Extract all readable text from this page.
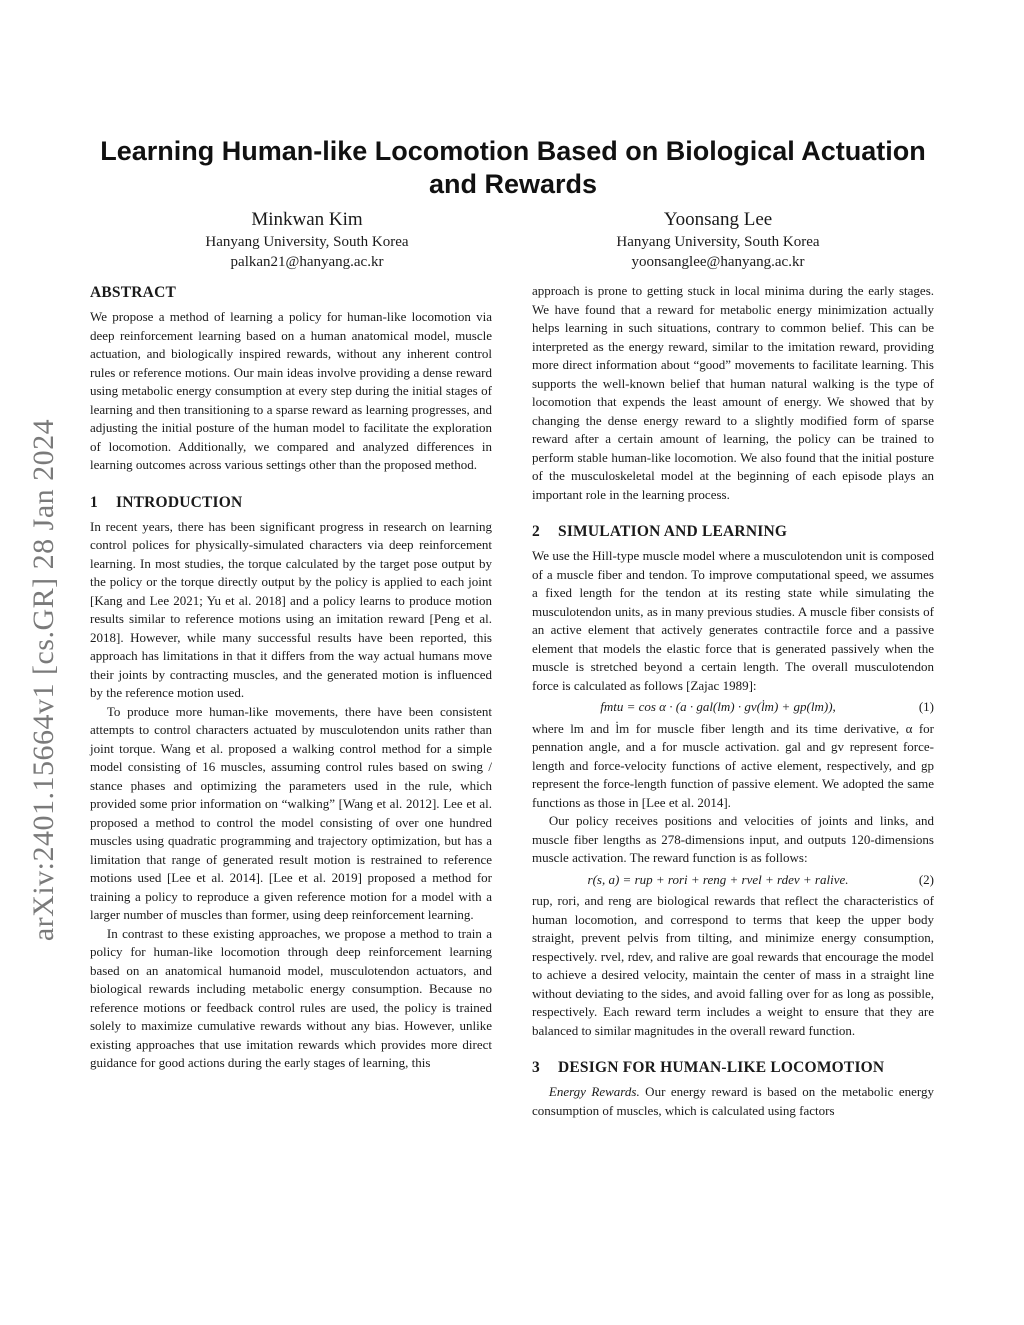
arXiv:2401.15664v1 [cs.GR] 28 Jan 2024
Learning Human-like Locomotion Based on Biological Actuation and Rewards
Minkwan Kim
Hanyang University, South Korea
palkan21@hanyang.ac.kr
Yoonsang Lee
Hanyang University, South Korea
yoonsanglee@hanyang.ac.kr
ABSTRACT

We propose a method of learning a policy for human-like locomotion via deep reinforcement learning based on a human anatomical model, muscle actuation, and biologically inspired rewards, without any inherent control rules or reference motions. Our main ideas involve providing a dense reward using metabolic energy consumption at every step during the initial stages of learning and then transitioning to a sparse reward as learning progresses, and adjusting the initial posture of the human model to facilitate the exploration of locomotion. Additionally, we compared and analyzed differences in learning outcomes across various settings other than the proposed method.

1 INTRODUCTION

In recent years, there has been significant progress in research on learning control polices for physically-simulated characters via deep reinforcement learning. In most studies, the torque calculated by the target pose output by the policy or the torque directly output by the policy is applied to each joint [Kang and Lee 2021; Yu et al. 2018] and a policy learns to produce motion results similar to reference motions using an imitation reward [Peng et al. 2018]. However, while many successful results have been reported, this approach has limitations in that it differs from the way actual humans move their joints by contracting muscles, and the generated motion is influenced by the reference motion used.

To produce more human-like movements, there have been consistent attempts to control characters actuated by musculotendon units rather than joint torque. Wang et al. proposed a walking control method for a simple model consisting of 16 muscles, assuming control rules based on swing / stance phases and optimizing the parameters used in the rule, which provided some prior information on “walking” [Wang et al. 2012]. Lee et al. proposed a method to control the model consisting of over one hundred muscles using quadratic programming and trajectory optimization, but has a limitation that range of generated result motion is restrained to reference motions used [Lee et al. 2014]. [Lee et al. 2019] proposed a method for training a policy to reproduce a given reference motion for a model with a larger number of muscles than former, using deep reinforcement learning.

In contrast to these existing approaches, we propose a method to train a policy for human-like locomotion through deep reinforcement learning based on an anatomical humanoid model, musculotendon actuators, and biological rewards including metabolic energy consumption. Because no reference motions or feedback control rules are used, the policy is trained solely to maximize cumulative rewards without any bias. However, unlike existing approaches that use imitation rewards which provides more direct guidance for good actions during the early stages of learning, this

approach is prone to getting stuck in local minima during the early stages. We have found that a reward for metabolic energy minimization actually helps learning in such situations, contrary to common belief. This can be interpreted as the energy reward, similar to the imitation reward, providing more direct information about “good” movements to facilitate learning. This supports the well-known belief that human natural walking is the type of locomotion that expends the least amount of energy. We showed that by changing the dense energy reward to a slightly modified form of sparse reward after a certain amount of learning, the policy can be trained to perform stable human-like locomotion. We also found that the initial posture of the musculoskeletal model at the beginning of each episode plays an important role in the learning process.

2 SIMULATION AND LEARNING

We use the Hill-type muscle model where a musculotendon unit is composed of a muscle fiber and tendon. To improve computational speed, we assumes a fixed length for the tendon at its resting state while simulating the musculotendon units, as in many previous studies. A muscle fiber consists of an active element that actively generates contractile force and a passive element that models the elastic force that is generated passively when the muscle is stretched beyond a certain length. The overall musculotendon force is calculated as follows [Zajac 1989]:

fmtu = cos α · (a · gal(lm) · gv(l̇m) + gp(lm)),	(1)

where lm and l̇m for muscle fiber length and its time derivative, α for pennation angle, and a for muscle activation. gal and gv represent force-length and force-velocity functions of active element, respectively, and gp represent the force-length function of passive element. We adopted the same functions as those in [Lee et al. 2014].

Our policy receives positions and velocities of joints and links, and muscle fiber lengths as 278-dimensions input, and outputs 120-dimensions muscle activation. The reward function is as follows:

r(s, a) = rup + rori + reng + rvel + rdev + ralive.	(2)

rup, rori, and reng are biological rewards that reflect the characteristics of human locomotion, and correspond to terms that keep the upper body straight, prevent pelvis from tilting, and minimize energy consumption, respectively. rvel, rdev, and ralive are goal rewards that encourage the model to achieve a desired velocity, maintain the center of mass in a straight line without deviating to the sides, and avoid falling over for as long as possible, respectively. Each reward term includes a weight to ensure that they are balanced to similar magnitudes in the overall reward function.

3 DESIGN FOR HUMAN-LIKE LOCOMOTION

Energy Rewards. Our energy reward is based on the metabolic energy consumption of muscles, which is calculated using factors
